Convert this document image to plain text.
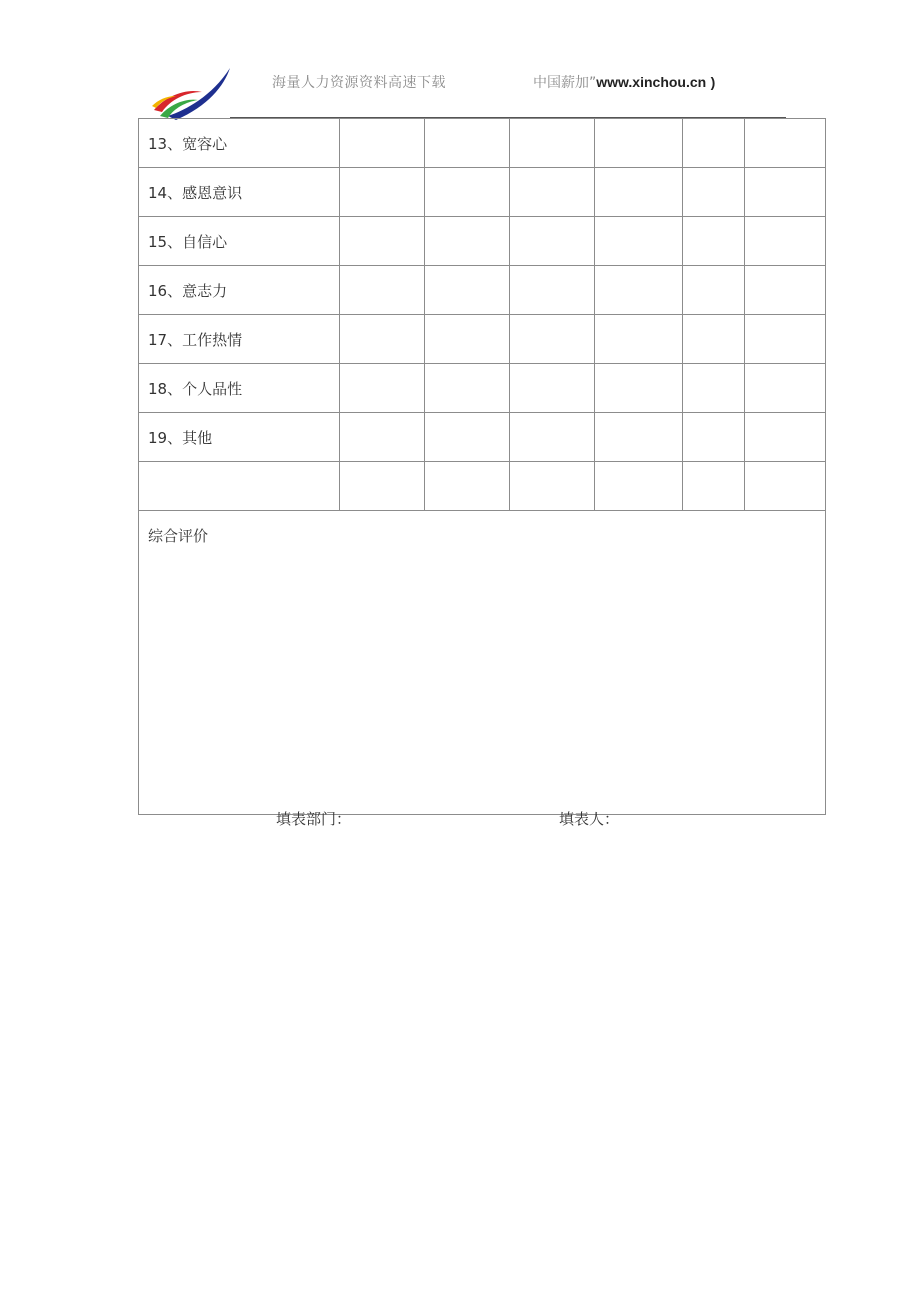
海量人力资源资料高速下载	中国薪加”www.xinchou.cn )
13、宽容心						
14、感恩意识						
15、自信心						
16、意志力						
17、工作热情						
18、个人品性						
19、其他						

综合评价						
填表部门：	填表人：
